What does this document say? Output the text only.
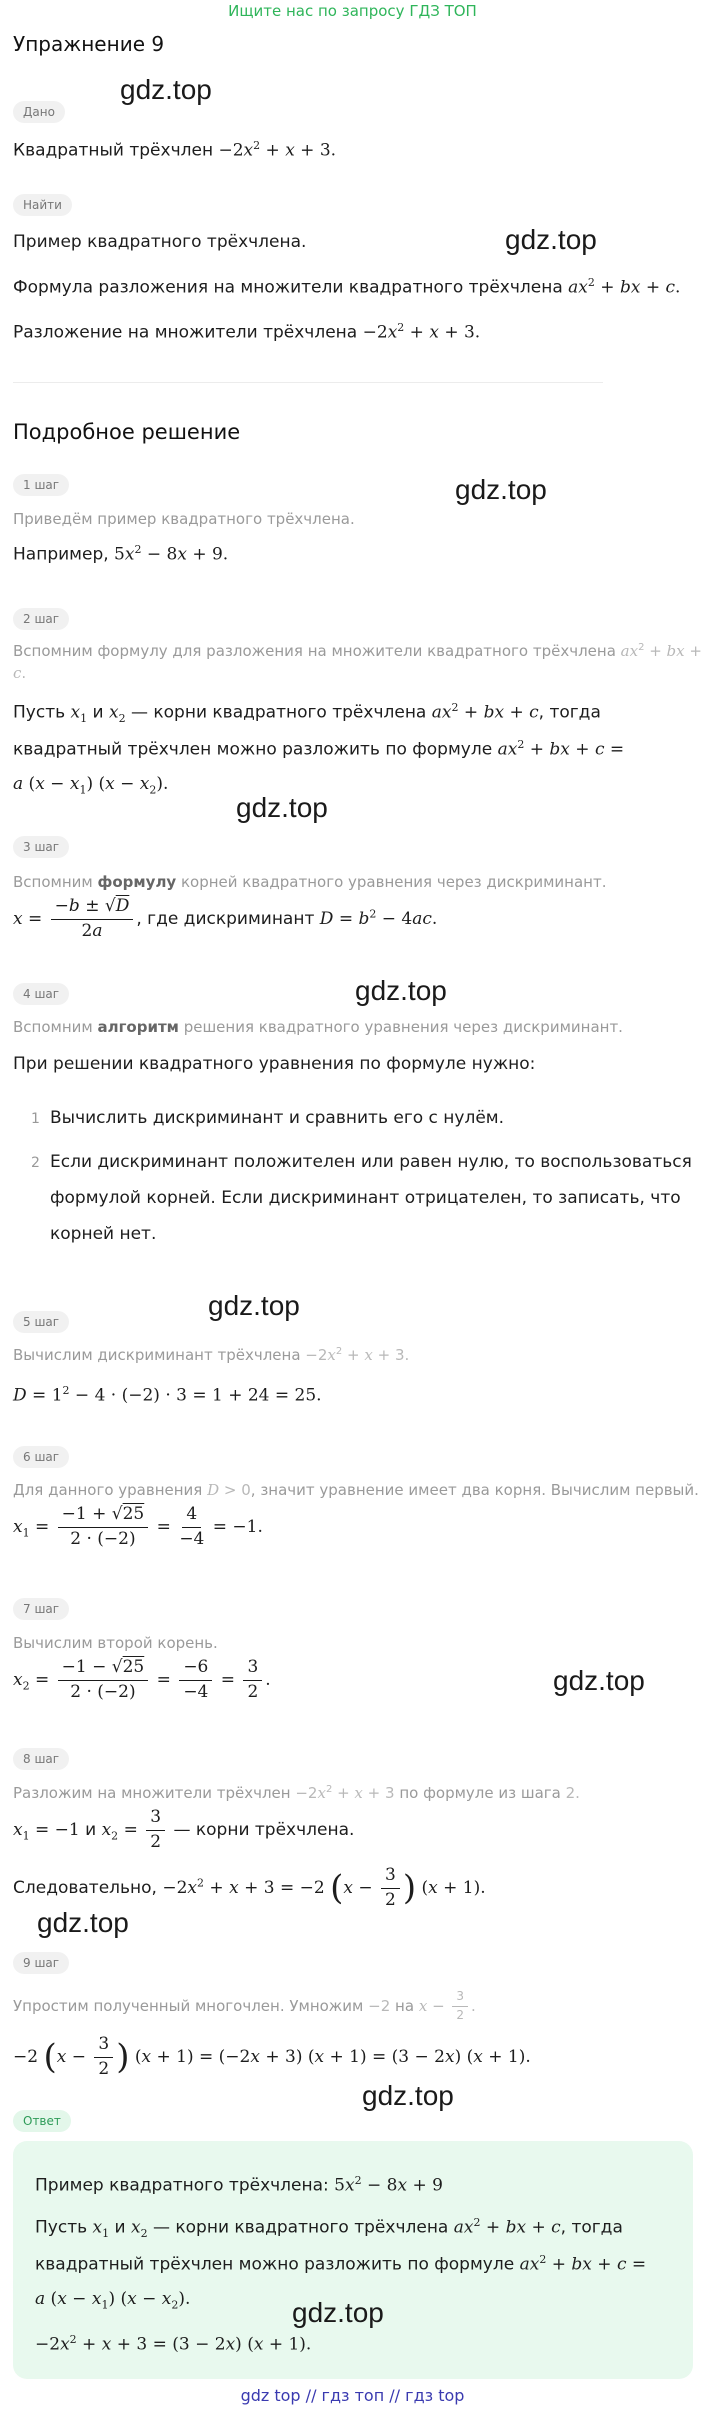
Ищите нас по запросу ГДЗ ТОП
Упражнение 9
Дано
gdz.top
Квадратный трёхчлен $-2x^2 + x + 3$.
Найти
Пример квадратного трёхчлена.	gdz.top
Формула разложения на множители квадратного трёхчлена $ax^2$ + bx + c.
Разложение на множители трёхчлена $-2x^2 + x + 3$.
Подробное решение
1 шаг	gdz.top
Приведём пример квадратного трёхчлена.
Например, $5x^2 - 8x + 9$.
2 шаг
Вспомним формулу для разложения на множители квадратного трёхчлена $ax^2$ + bx +
c.
Пусть $x_1$ и $x_2$ — корни квадратного трёхчлена $ax^2$ + bx + c, тогда
квадратный трёхчлен можно разложить по формуле $ax^2$ + bx + c =
a $(x - x_1)$ $(x - x_2)$.
gdz.top
3 шаг
Вспомним формулу корней квадратного уравнения через дискриминант.
$x = \frac{-b \pm √D}{2a}$ , где дискриминант $D = b^2 - 4ac$.
gdz.top
4 шаг
Вспомним алгоритм решения квадратного уравнения через дискриминант.
При решении квадратного уравнения по формуле нужно:
1 Вычислить дискриминант и сравнить его с нулём.
2 Если дискриминант положителен или равен нулю, то воспользоваться
формулой корней. Если дискриминант отрицателен, то записать, что
корней нет.
gdz.top
5 шаг
Вычислим дискриминант трёхчлена $-2x^2 + x + 3$.
$D = 1^2 - 4 \cdot (-2) \cdot 3 = 1 + 24 = 25$.
6 шаг
Для данного уравнения D > 0, значит уравнение имеет два корня. Вычислим первый.
$x_1 = \frac{-1 + √25}{2 \cdot (-2)} = \frac{4}{-4} = -1$.
7 шаг
Вычислим второй корень.
$x_2 = \frac{-1 - √25}{2 \cdot (-2)} = \frac{-6}{-4} = \frac{3}{2}$ .	gdz.top
8 шаг
Разложим на множители трёхчлен $-2x^2 + x + 3$ по формуле из шага 2.
$x_1 = -1$ и $x_2 = \frac{3}{2}$ — корни трёхчлена.
Следовательно, $-2x^2 + x + 3 = -2$ ($x - \frac{3}{2}$ ) (x + 1).
gdz.top
9 шаг
Упростим полученный многочлен. Умножим −2 на $x - \frac{3}{2}$ .
−2 ($x - \frac{3}{2}$ ) (x + 1) = (−2x + 3) (x + 1) = (3 − 2x) (x + 1).
gdz.top
Ответ
Пример квадратного трёхчлена: $5x^2 - 8x + 9$
Пусть $x_1$ и $x_2$ — корни квадратного трёхчлена $ax^2$ + bx + c, тогда
квадратный трёхчлен можно разложить по формуле $ax^2$ + bx + c =
a $(x - x_1)$ $(x - x_2)$.	gdz.top
$-2x^2 + x + 3 = (3 - 2x) (x + 1)$.
gdz top // гдз топ // гдз top
